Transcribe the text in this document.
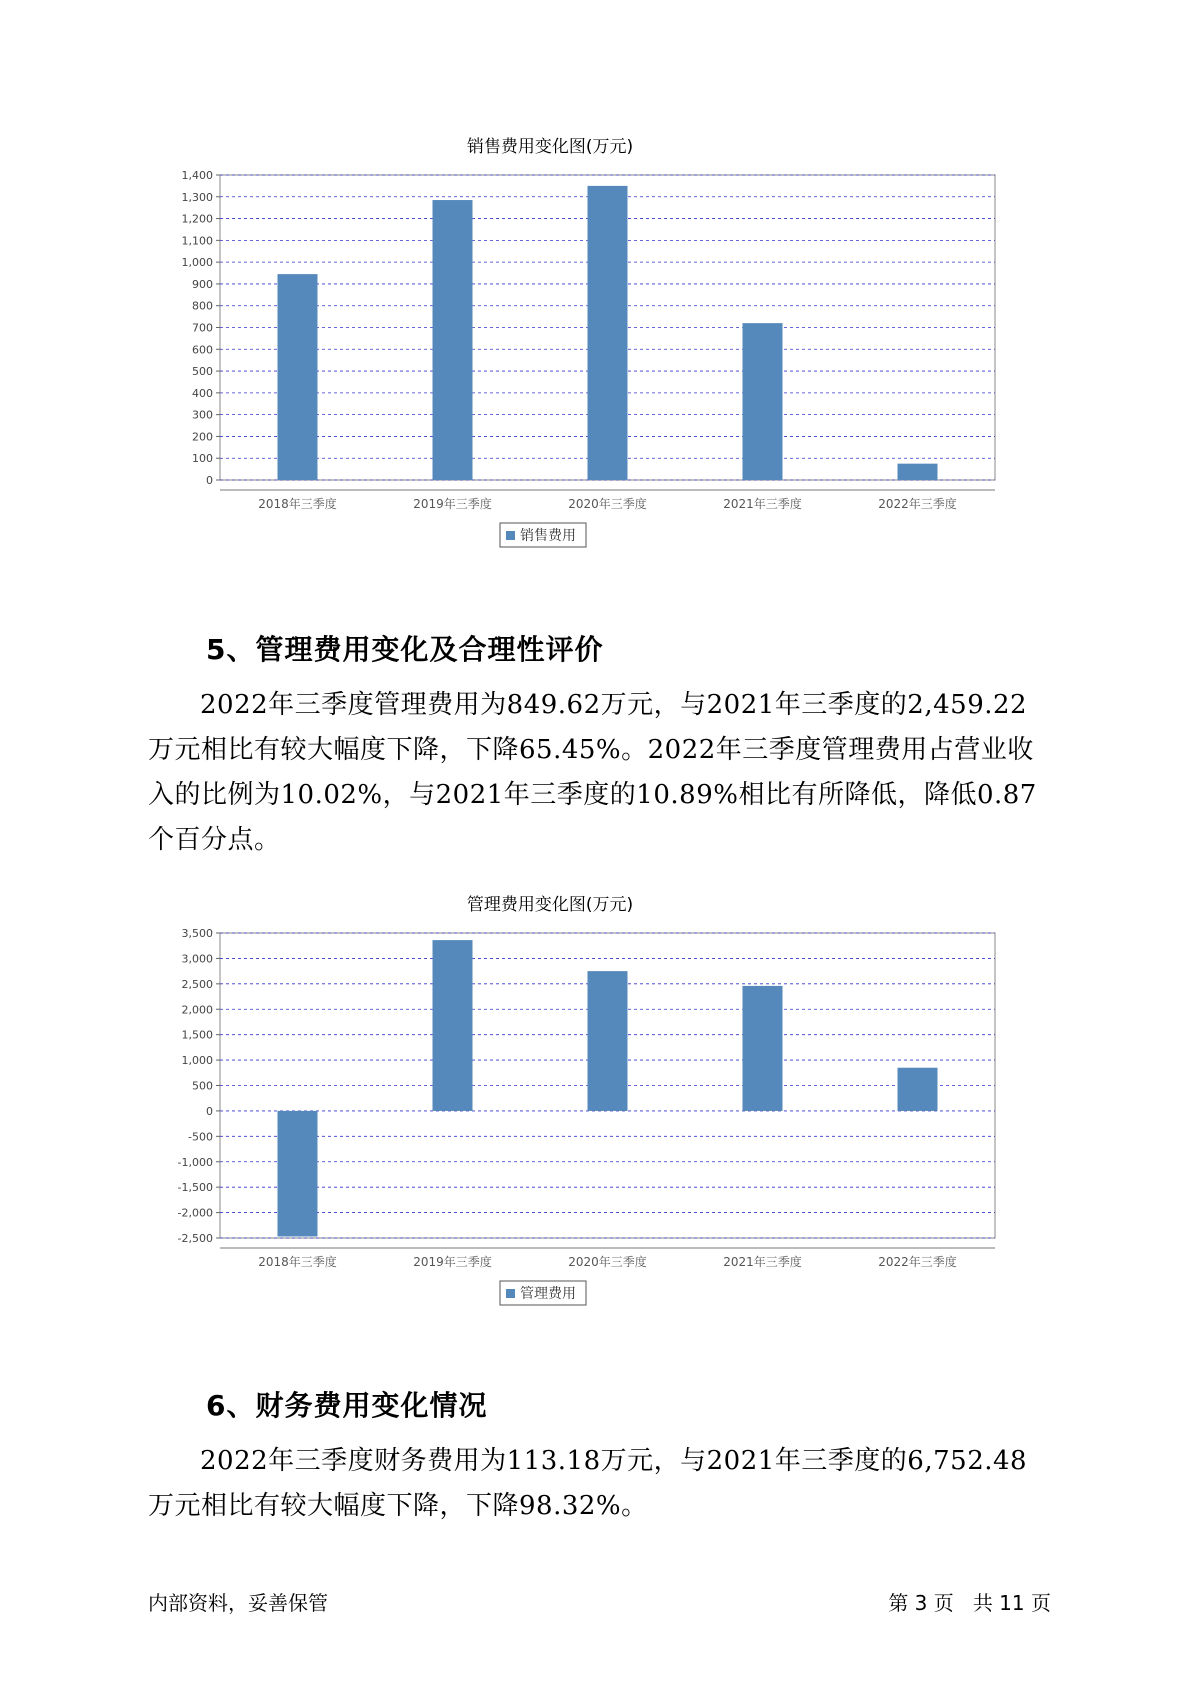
销售费用变化图(万元)
0
100
200
300
400
500
600
700
800
900
1,000
1,100
1,200
1,300
1,400
2018年三季度	2019年三季度	2020年三季度	2021年三季度	2022年三季度
销售费用
5、管理费用变化及合理性评价
2022年三季度管理费用为849.62万元，与2021年三季度的2,459.22万元相比有较大幅度下降，下降65.45%。2022年三季度管理费用占营业收入的比例为10.02%，与2021年三季度的10.89%相比有所降低，降低0.87个百分点。
管理费用变化图(万元)
-2,500
-2,000
-1,500
-1,000
-500
0
500
1,000
1,500
2,000
2,500
3,000
3,500
2018年三季度	2019年三季度	2020年三季度	2021年三季度	2022年三季度
管理费用
6、财务费用变化情况
2022年三季度财务费用为113.18万元，与2021年三季度的6,752.48万元相比有较大幅度下降，下降98.32%。
内部资料，妥善保管	第 3 页   共 11 页
